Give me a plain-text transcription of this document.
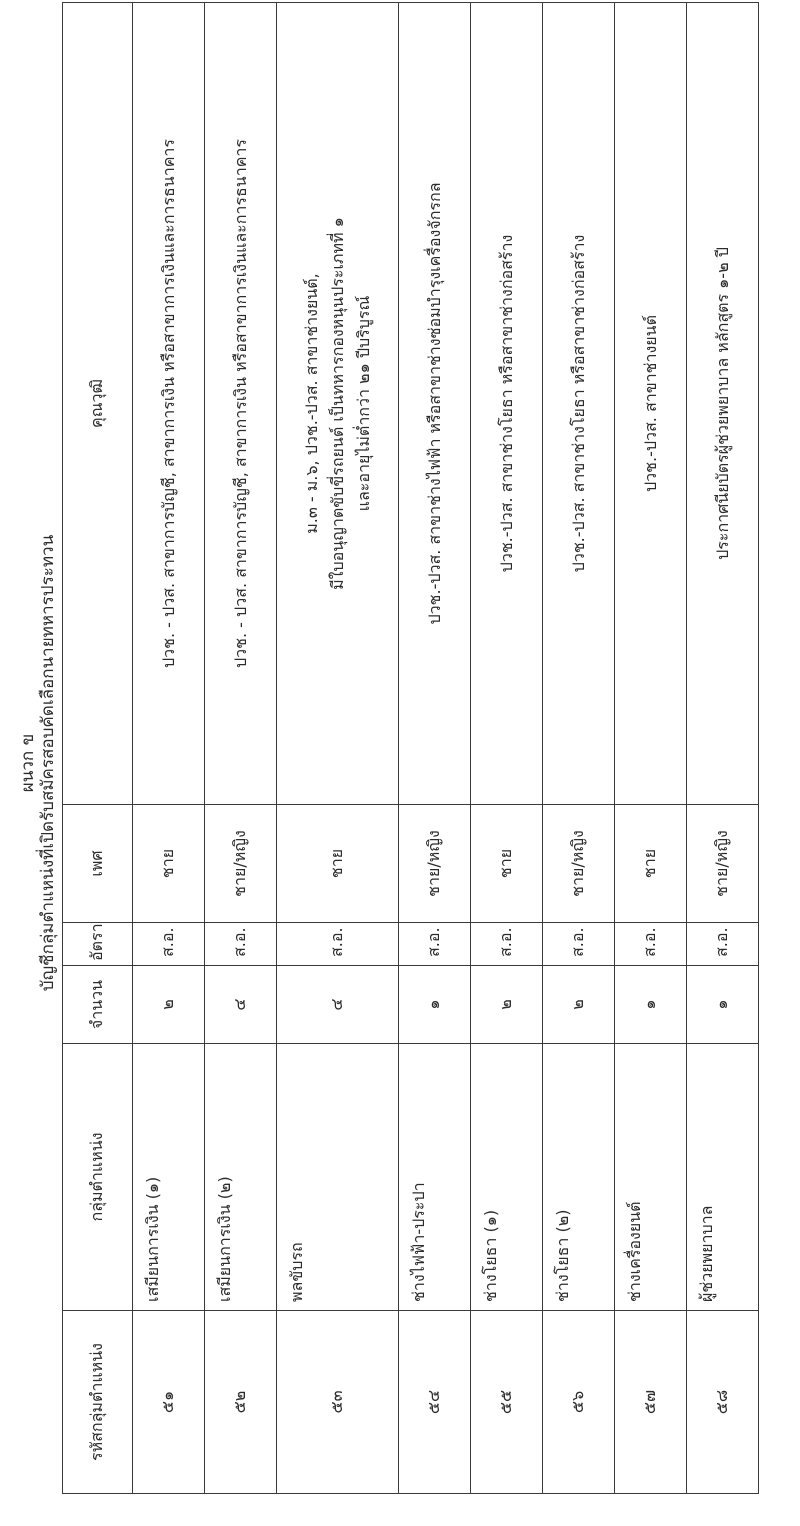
ผนวก ข บัญชีกลุ่มตำแหน่งที่เปิดรับสมัครสอบคัดเลือกนายทหารประทวน
รหัสกลุ่มตำแหน่ง	กลุ่มตำแหน่ง	จำนวน	อัตรา	เพศ	คุณวุฒิ
๕๑	เสมียนการเงิน (๑)	๒	ส.อ.	ชาย	ปวช. - ปวส. สาขาการบัญชี, สาขาการเงิน หรือสาขาการเงินและการธนาคาร

๕๒	เสมียนการเงิน (๒)	๔	ส.อ.	ชาย/หญิง	ปวช. - ปวส. สาขาการบัญชี, สาขาการเงิน หรือสาขาการเงินและการธนาคาร

๕๓	พลขับรถ	๔	ส.อ.	ชาย	ม.๓ - ม.๖, ปวช.-ปวส. สาขาช่างยนต์, มีใบอนุญาตขับขี่รถยนต์ เป็นทหารกองหนุนประเภทที่ ๑ และอายุไม่ต่ำกว่า ๒๑ ปีบริบูรณ์

๕๔	ช่างไฟฟ้า-ประปา	๑	ส.อ.	ชาย/หญิง	ปวช.-ปวส. สาขาช่างไฟฟ้า หรือสาขาช่างซ่อมบำรุงเครื่องจักรกล

๕๕	ช่างโยธา (๑)	๒	ส.อ.	ชาย	ปวช.-ปวส. สาขาช่างโยธา หรือสาขาช่างก่อสร้าง

๕๖	ช่างโยธา (๒)	๒	ส.อ.	ชาย/หญิง	ปวช.-ปวส. สาขาช่างโยธา หรือสาขาช่างก่อสร้าง

๕๗	ช่างเครื่องยนต์	๑	ส.อ.	ชาย	ปวช.-ปวส. สาขาช่างยนต์

๕๘	ผู้ช่วยพยาบาล	๑	ส.อ.	ชาย/หญิง	ประกาศนียบัตรผู้ช่วยพยาบาล หลักสูตร ๑-๒ ปี
